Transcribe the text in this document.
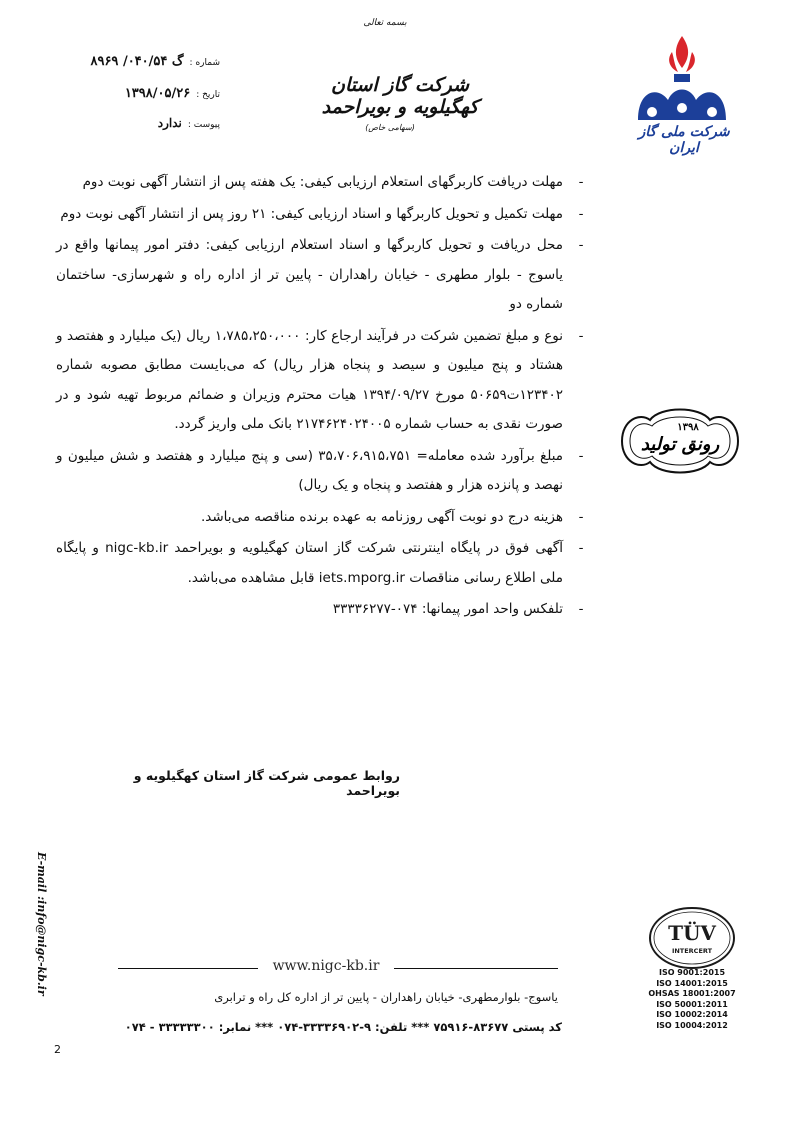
بسمه تعالی
شماره :
گ ۰۴۰/۵۴/ ۸۹۶۹
تاریخ :
۱۳۹۸/۰۵/۲۶
پیوست :
ندارد
شرکت گاز استان کهگیلویه و بویراحمد
(سهامی خاص)	شرکت ملی گاز ایران
-
مهلت دریافت کاربرگهای استعلام ارزیابی کیفی: یک هفته پس از انتشار آگهی نوبت دوم
-
مهلت تکمیل و تحویل کاربرگها و اسناد ارزیابی کیفی: ۲۱ روز پس از انتشار آگهی نوبت دوم
-
محل دریافت و تحویل کاربرگها و اسناد استعلام ارزیابی کیفی: دفتر امور پیمانها واقع در یاسوج - بلوار مطهری - خیابان راهداران - پایین تر از اداره راه و شهرسازی- ساختمان شماره دو
-
نوع و مبلغ تضمین شرکت در فرآیند ارجاع کار: ۱،۷۸۵،۲۵۰،۰۰۰ ریال (یک میلیارد و هفتصد و هشتاد و پنج میلیون و سیصد و پنجاه هزار ریال) که می‌بایست مطابق مصوبه شماره ۱۲۳۴۰۲ت۵۰۶۵۹ مورخ ۱۳۹۴/۰۹/۲۷ هیات محترم وزیران و ضمائم مربوط تهیه شود و در صورت نقدی به حساب شماره ۲۱۷۴۶۲۴۰۲۴۰۰۵ بانک ملی واریز گردد.
-
مبلغ برآورد شده معامله= ۳۵،۷۰۶،۹۱۵،۷۵۱ (سی و پنج میلیارد و هفتصد و شش میلیون و نهصد و پانزده هزار و هفتصد و پنجاه و یک ریال)
-
هزینه درج دو نوبت آگهی روزنامه به عهده برنده مناقصه می‌باشد.
-
آگهی فوق در پایگاه اینترنتی شرکت گاز استان کهگیلویه و بویراحمد nigc-kb.ir و پایگاه ملی اطلاع رسانی مناقصات iets.mporg.ir قابل مشاهده می‌باشد.
-
تلفکس واحد امور پیمانها: ۰۷۴-۳۳۳۳۶۲۷۷
رونق تولید
۱۳۹۸
روابط عمومی شرکت گاز استان کهگیلویه و بویراحمد
E-mail :info@nigc-kb.ir	www.nigc-kb.ir
یاسوج- بلوارمطهری- خیابان راهداران - پایین تر از اداره کل راه و ترابری
کد پستی ۸۳۶۷۷-۷۵۹۱۶ *** تلفن: ۹-۳۳۳۳۶۹۰۲-۰۷۴ *** نمابر: ۳۳۳۳۳۳۰۰ - ۰۷۴
TÜV
INTERCERT
ISO 9001:2015
ISO 14001:2015
OHSAS 18001:2007
ISO 50001:2011
ISO 10002:2014
ISO 10004:2012
2
